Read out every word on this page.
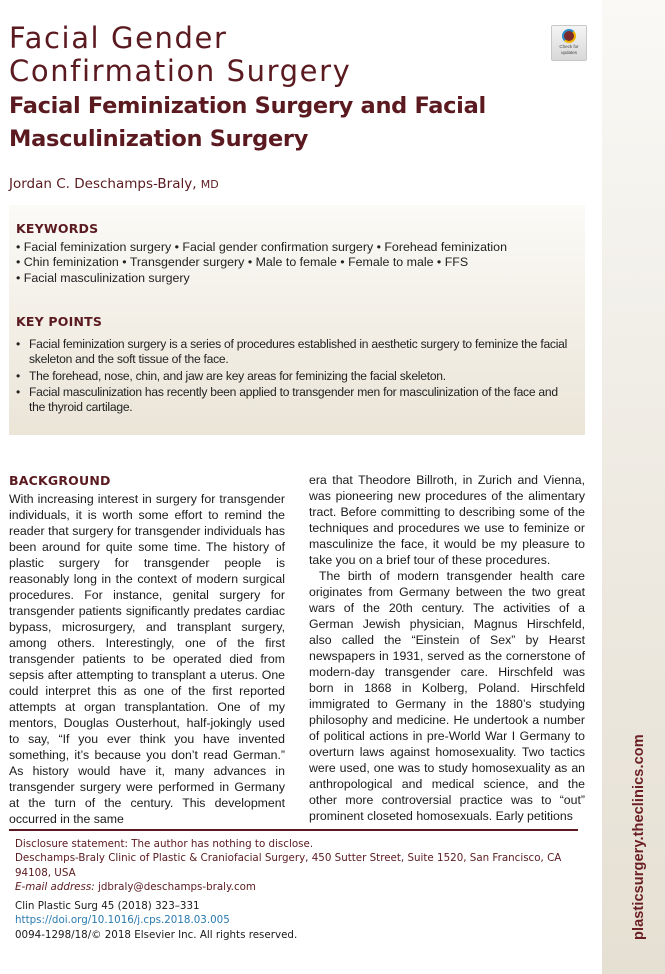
plasticsurgery.theclinics.com
Facial Gender
Confirmation Surgery
Facial Feminization Surgery and Facial Masculinization Surgery
Check for
updates
Jordan C. Deschamps-Braly, MD
KEYWORDS
• Facial feminization surgery • Facial gender confirmation surgery • Forehead feminization
• Chin feminization • Transgender surgery • Male to female • Female to male • FFS
• Facial masculinization surgery
KEY POINTS
• Facial feminization surgery is a series of procedures established in aesthetic surgery to feminize the facial skeleton and the soft tissue of the face.
• The forehead, nose, chin, and jaw are key areas for feminizing the facial skeleton.
• Facial masculinization has recently been applied to transgender men for masculinization of the face and the thyroid cartilage.
BACKGROUND

With increasing interest in surgery for transgender individuals, it is worth some effort to remind the reader that surgery for transgender individuals has been around for quite some time. The history of plastic surgery for transgender people is reasonably long in the context of modern surgical procedures. For instance, genital surgery for transgender patients significantly predates cardiac bypass, microsurgery, and transplant surgery, among others. Interestingly, one of the first transgender patients to be operated died from sepsis after attempting to transplant a uterus. One could interpret this as one of the first reported attempts at organ transplantation. One of my mentors, Douglas Ousterhout, half-jokingly used to say, “If you ever think you have invented something, it’s because you don’t read German.” As history would have it, many advances in transgender surgery were performed in Germany at the turn of the century. This development occurred in the same

era that Theodore Billroth, in Zurich and Vienna, was pioneering new procedures of the alimentary tract. Before committing to describing some of the techniques and procedures we use to feminize or masculinize the face, it would be my pleasure to take you on a brief tour of these procedures.

The birth of modern transgender health care originates from Germany between the two great wars of the 20th century. The activities of a German Jewish physician, Magnus Hirschfeld, also called the “Einstein of Sex” by Hearst newspapers in 1931, served as the cornerstone of modern-day transgender care. Hirschfeld was born in 1868 in Kolberg, Poland. Hirschfeld immigrated to Germany in the 1880’s studying philosophy and medicine. He undertook a number of political actions in pre-World War I Germany to overturn laws against homosexuality. Two tactics were used, one was to study homosexuality as an anthropological and medical science, and the other more controversial practice was to “out” prominent closeted homosexuals. Early petitions

Disclosure statement: The author has nothing to disclose.
Deschamps-Braly Clinic of Plastic & Craniofacial Surgery, 450 Sutter Street, Suite 1520, San Francisco, CA 94108, USA
E-mail address: jdbraly@deschamps-braly.com
Clin Plastic Surg 45 (2018) 323–331
https://doi.org/10.1016/j.cps.2018.03.005
0094-1298/18/© 2018 Elsevier Inc. All rights reserved.
